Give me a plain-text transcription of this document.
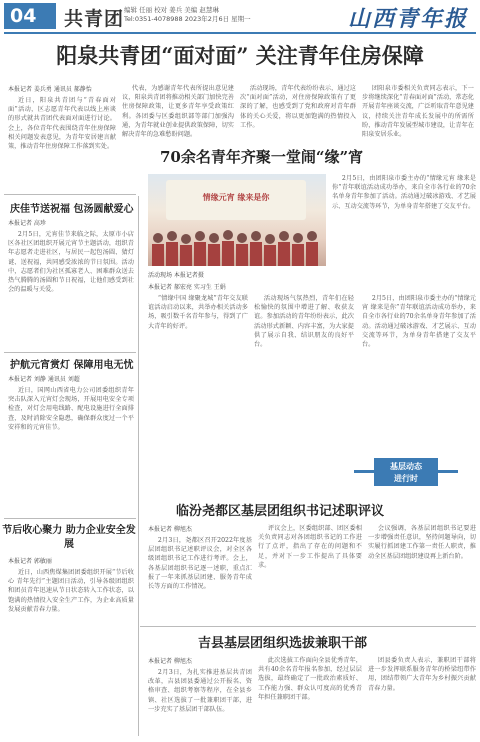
04	共青团 编辑 任丽 校对 姜兵 美编 赵慧琳
Tel:0351-4078988 2023年2月6日 星期一	山西青年报
阳泉共青团“面对面” 关注青年住房保障
本报记者 姜兵勇 通讯员 郝静怡

近日，阳泉共青团与“青春面对面”活动，区志愿青年代表以线上座谈的形式就共青团代表面对面进行讨论。会上，各位青年代表围绕青年住房保障相关问题发表意见，为青年安居建言献策，推动青年住房保障工作落到实处。

代表，为感谢青年代表所提出意见建议，阳泉共青团将推动相关部门加快完善住房保障政策，让更多青年享受政策红利。各团委与区委组织部等部门加强沟通，为青年就业创业提供政策保障，切实解决青年的急难愁盼问题。

活动现场，青年代表纷纷表示，通过这次“面对面”活动，对住房保障政策有了更深的了解，也感受到了党和政府对青年群体的关心关爱，将以更加饱满的热情投入工作。

团阳泉市委相关负责同志表示，下一步将继续深化“青春面对面”活动，常态化开展青年座谈交流，广泛听取青年意见建议，持续关注青年成长发展中的所需所盼，推动青年发展型城市建设，让青年在阳泉安居乐业。

庆佳节送祝福 包汤圆献爱心
本报记者 高珍

2月5日，元宵佳节来临之际，太原市小店区各社区团组织开展元宵节主题活动，组织青年志愿者走进社区，与居民一起包汤圆、猜灯谜、送祝福，共同感受浓浓的节日氛围。活动中，志愿者们为社区孤寡老人、困难群众送去热气腾腾的汤圆和节日祝福，让他们感受到社会的温暖与关爱。

护航元宵赏灯 保障用电无忧
本报记者 刘静 通讯员 刘超

近日，国网山西省电力公司团委组织青年突击队深入元宵灯会现场，开展用电安全专项检查，对灯会用电线路、配电设施进行全面排查，及时消除安全隐患，确保群众度过一个平安祥和的元宵佳节。

节后收心聚力 助力企业安全发展
本报记者 郭敏丽

近日，山西焦煤集团团委组织开展“节后收心 青年先行”主题团日活动，引导各级团组织和团员青年迅速从节日状态转入工作状态，以饱满的热情投入安全生产工作，为企业高质量发展贡献青春力量。

70余名青年齐聚一堂闹“缘”宵
情缘元宵 缘来是你
活动现场 本报记者摄

2月5日，由团阳泉市委主办的“情缘元宵 缘来是你”青年联谊活动成功举办，来自全市各行业的70余名单身青年参加了活动。活动通过破冰游戏、才艺展示、互动交流等环节，为单身青年搭建了交友平台。

本报记者 郝宏亮 实习生 王娟

“情缘中国 缘聚龙城”青年交友联谊活动启动以来，共举办相关活动多场，吸引数千名青年参与，得到了广大青年的好评。

活动现场气氛热烈，青年们在轻松愉快的氛围中增进了解、收获友谊。参加活动的青年纷纷表示，此次活动形式新颖、内容丰富，为大家提供了展示自我、结识朋友的良好平台。

2月5日，由团阳泉市委主办的“情缘元宵 缘来是你”青年联谊活动成功举办，来自全市各行业的70余名单身青年参加了活动。活动通过破冰游戏、才艺展示、互动交流等环节，为单身青年搭建了交友平台。

基层动态
进行时
临汾尧都区基层团组织书记述职评议
本报记者 柳旭杰

2月3日，尧都区召开2022年度基层团组织书记述职评议会，对全区各级团组织书记工作进行考评。会上，各基层团组织书记逐一述职，重点汇报了一年来抓基层团建、服务青年成长等方面的工作情况。

评议会上，区委组织部、团区委相关负责同志对各团组织书记的工作进行了点评，指出了存在的问题和不足，并对下一步工作提出了具体要求。

会议强调，各基层团组织书记要进一步增强责任意识，坚持问题导向，切实履行抓团建工作第一责任人职责，推动全区基层团组织建设再上新台阶。

吉县基层团组织选拔兼职干部
本报记者 柳旭杰

2月3日，为扎实推进基层共青团改革，吉县团县委通过公开报名、资格审查、组织考察等程序，在全县乡镇、社区选拔了一批兼职团干部，进一步充实了基层团干部队伍。

此次选拔工作面向全县优秀青年，共有40余名青年报名参加，经过层层选拔，最终确定了一批政治素质好、工作能力强、群众认可度高的优秀青年担任兼职团干部。

团县委负责人表示，兼职团干部将进一步发挥联系服务青年的桥梁纽带作用，团结带领广大青年为乡村振兴贡献青春力量。
